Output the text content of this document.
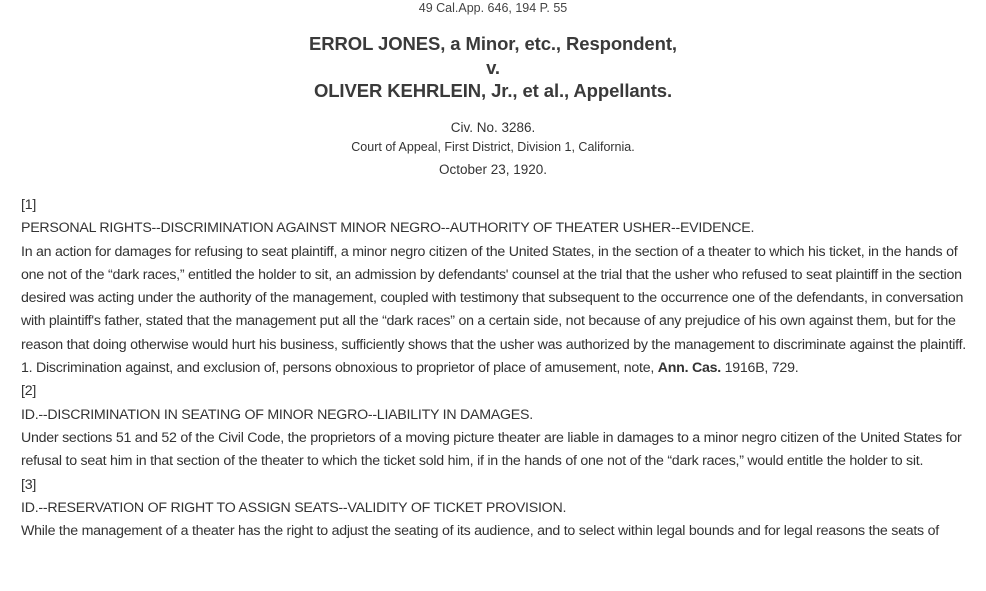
49 Cal.App. 646, 194 P. 55
ERROL JONES, a Minor, etc., Respondent,
v.
OLIVER KEHRLEIN, Jr., et al., Appellants.
Civ. No. 3286.
Court of Appeal, First District, Division 1, California.
October 23, 1920.

[1]

PERSONAL RIGHTS--DISCRIMINATION AGAINST MINOR NEGRO--AUTHORITY OF THEATER USHER--EVIDENCE.

In an action for damages for refusing to seat plaintiff, a minor negro citizen of the United States, in the section of a theater to which his ticket, in the hands of one not of the “dark races,” entitled the holder to sit, an admission by defendants' counsel at the trial that the usher who refused to seat plaintiff in the section desired was acting under the authority of the management, coupled with testimony that subsequent to the occurrence one of the defendants, in conversation with plaintiff's father, stated that the management put all the “dark races” on a certain side, not because of any prejudice of his own against them, but for the reason that doing otherwise would hurt his business, sufficiently shows that the usher was authorized by the management to discriminate against the plaintiff.

1. Discrimination against, and exclusion of, persons obnoxious to proprietor of place of amusement, note, Ann. Cas. 1916B, 729.

[2]

ID.--DISCRIMINATION IN SEATING OF MINOR NEGRO--LIABILITY IN DAMAGES.

Under sections 51 and 52 of the Civil Code, the proprietors of a moving picture theater are liable in damages to a minor negro citizen of the United States for refusal to seat him in that section of the theater to which the ticket sold him, if in the hands of one not of the “dark races,” would entitle the holder to sit.

[3]

ID.--RESERVATION OF RIGHT TO ASSIGN SEATS--VALIDITY OF TICKET PROVISION.

While the management of a theater has the right to adjust the seating of its audience, and to select within legal bounds and for legal reasons the seats of
